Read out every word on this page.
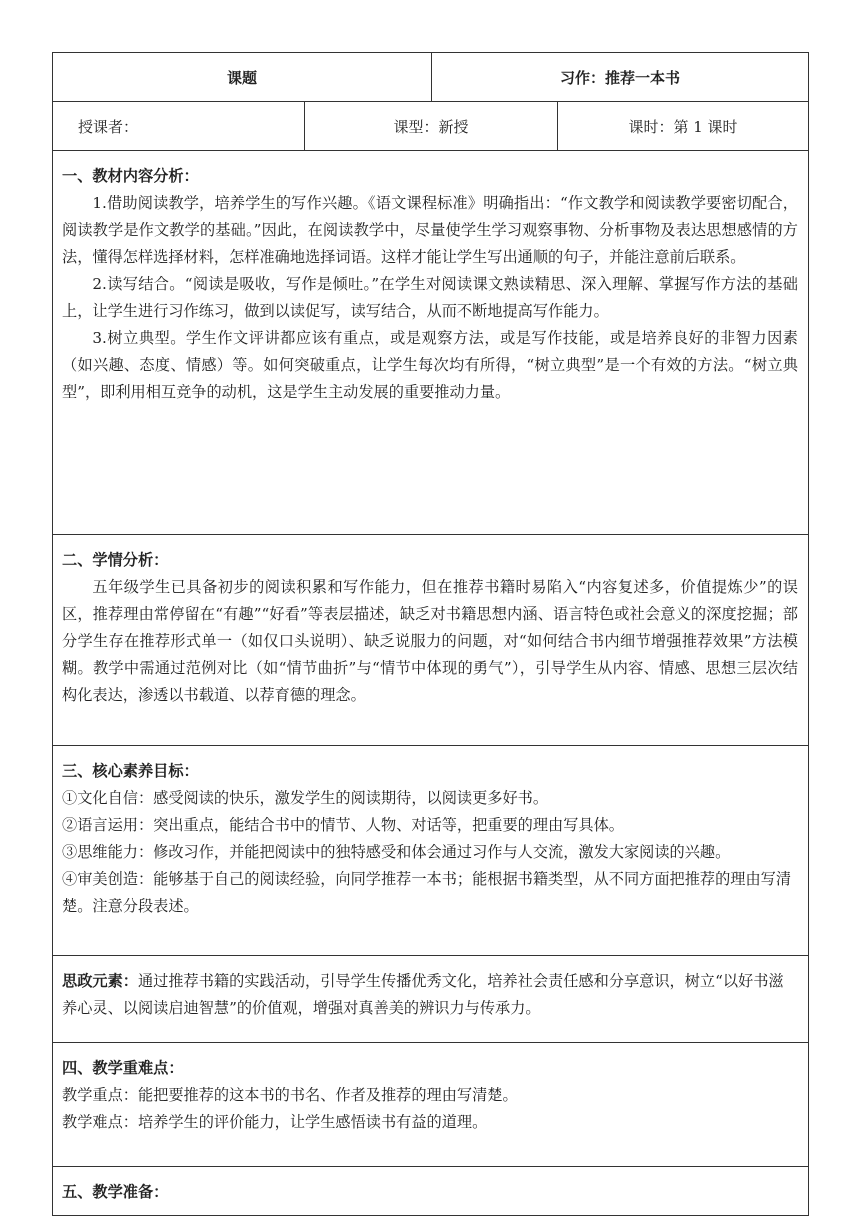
课题	习作：推荐一本书
授课者：	课型：新授	课时：第 1 课时

一、教材内容分析：

1.借助阅读教学，培养学生的写作兴趣。《语文课程标准》明确指出：“作文教学和阅读教学要密切配合，阅读教学是作文教学的基础。”因此，在阅读教学中，尽量使学生学习观察事物、分析事物及表达思想感情的方法，懂得怎样选择材料，怎样准确地选择词语。这样才能让学生写出通顺的句子，并能注意前后联系。

2.读写结合。“阅读是吸收，写作是倾吐。”在学生对阅读课文熟读精思、深入理解、掌握写作方法的基础上，让学生进行习作练习，做到以读促写，读写结合，从而不断地提高写作能力。

3.树立典型。学生作文评讲都应该有重点，或是观察方法，或是写作技能，或是培养良好的非智力因素（如兴趣、态度、情感）等。如何突破重点，让学生每次均有所得，“树立典型”是一个有效的方法。“树立典型”，即利用相互竞争的动机，这是学生主动发展的重要推动力量。

二、学情分析：

五年级学生已具备初步的阅读积累和写作能力，但在推荐书籍时易陷入“内容复述多，价值提炼少”的误区，推荐理由常停留在“有趣”“好看”等表层描述，缺乏对书籍思想内涵、语言特色或社会意义的深度挖掘；部分学生存在推荐形式单一（如仅口头说明）、缺乏说服力的问题，对“如何结合书内细节增强推荐效果”方法模糊。教学中需通过范例对比（如“情节曲折”与“情节中体现的勇气”），引导学生从内容、情感、思想三层次结构化表达，渗透以书载道、以荐育德的理念。

三、核心素养目标：

①文化自信：感受阅读的快乐，激发学生的阅读期待，以阅读更多好书。

②语言运用：突出重点，能结合书中的情节、人物、对话等，把重要的理由写具体。

③思维能力：修改习作，并能把阅读中的独特感受和体会通过习作与人交流，激发大家阅读的兴趣。

④审美创造：能够基于自己的阅读经验，向同学推荐一本书；能根据书籍类型，从不同方面把推荐的理由写清楚。注意分段表述。

思政元素：通过推荐书籍的实践活动，引导学生传播优秀文化，培养社会责任感和分享意识，树立“以好书滋养心灵、以阅读启迪智慧”的价值观，增强对真善美的辨识力与传承力。

四、教学重难点：

教学重点：能把要推荐的这本书的书名、作者及推荐的理由写清楚。

教学难点：培养学生的评价能力，让学生感悟读书有益的道理。

五、教学准备：
